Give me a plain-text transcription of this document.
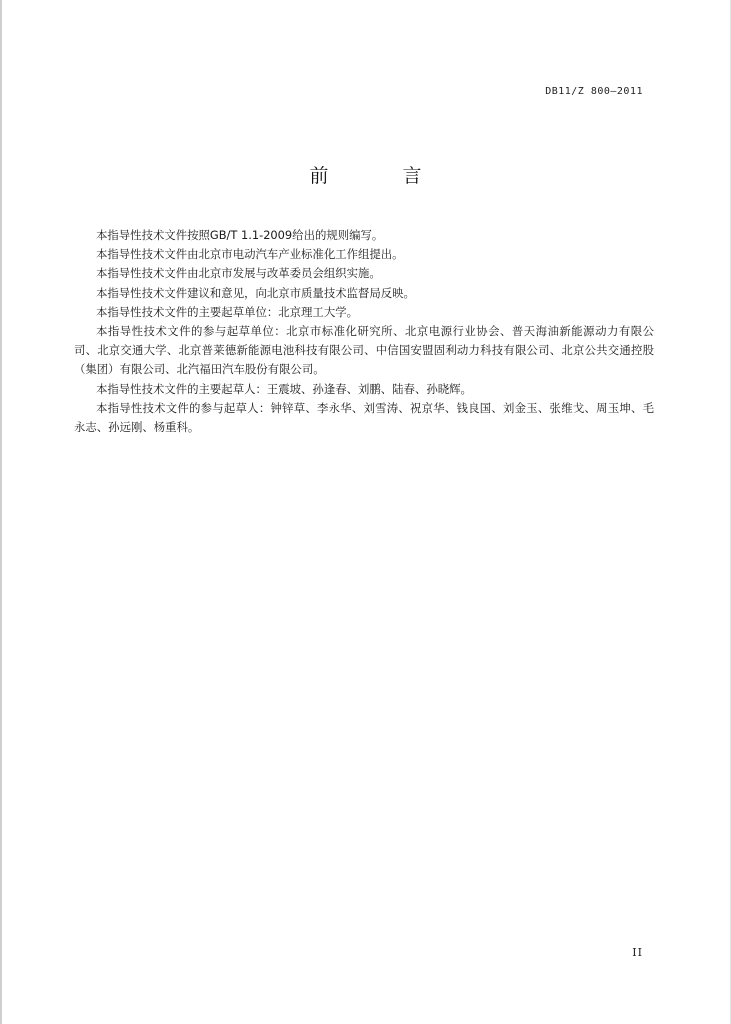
DB11/Z 800—2011
前 言

本指导性技术文件按照GB/T 1.1-2009给出的规则编写。

本指导性技术文件由北京市电动汽车产业标准化工作组提出。

本指导性技术文件由北京市发展与改革委员会组织实施。

本指导性技术文件建议和意见，向北京市质量技术监督局反映。

本指导性技术文件的主要起草单位：北京理工大学。

本指导性技术文件的参与起草单位：北京市标准化研究所、北京电源行业协会、普天海油新能源动力有限公司、北京交通大学、北京普莱德新能源电池科技有限公司、中信国安盟固利动力科技有限公司、北京公共交通控股（集团）有限公司、北汽福田汽车股份有限公司。

本指导性技术文件的主要起草人：王震坡、孙逢春、刘鹏、陆春、孙晓辉。

本指导性技术文件的参与起草人：钟锌草、李永华、刘雪涛、祝京华、钱良国、刘金玉、张维戈、周玉坤、毛永志、孙远刚、杨重科。

II
